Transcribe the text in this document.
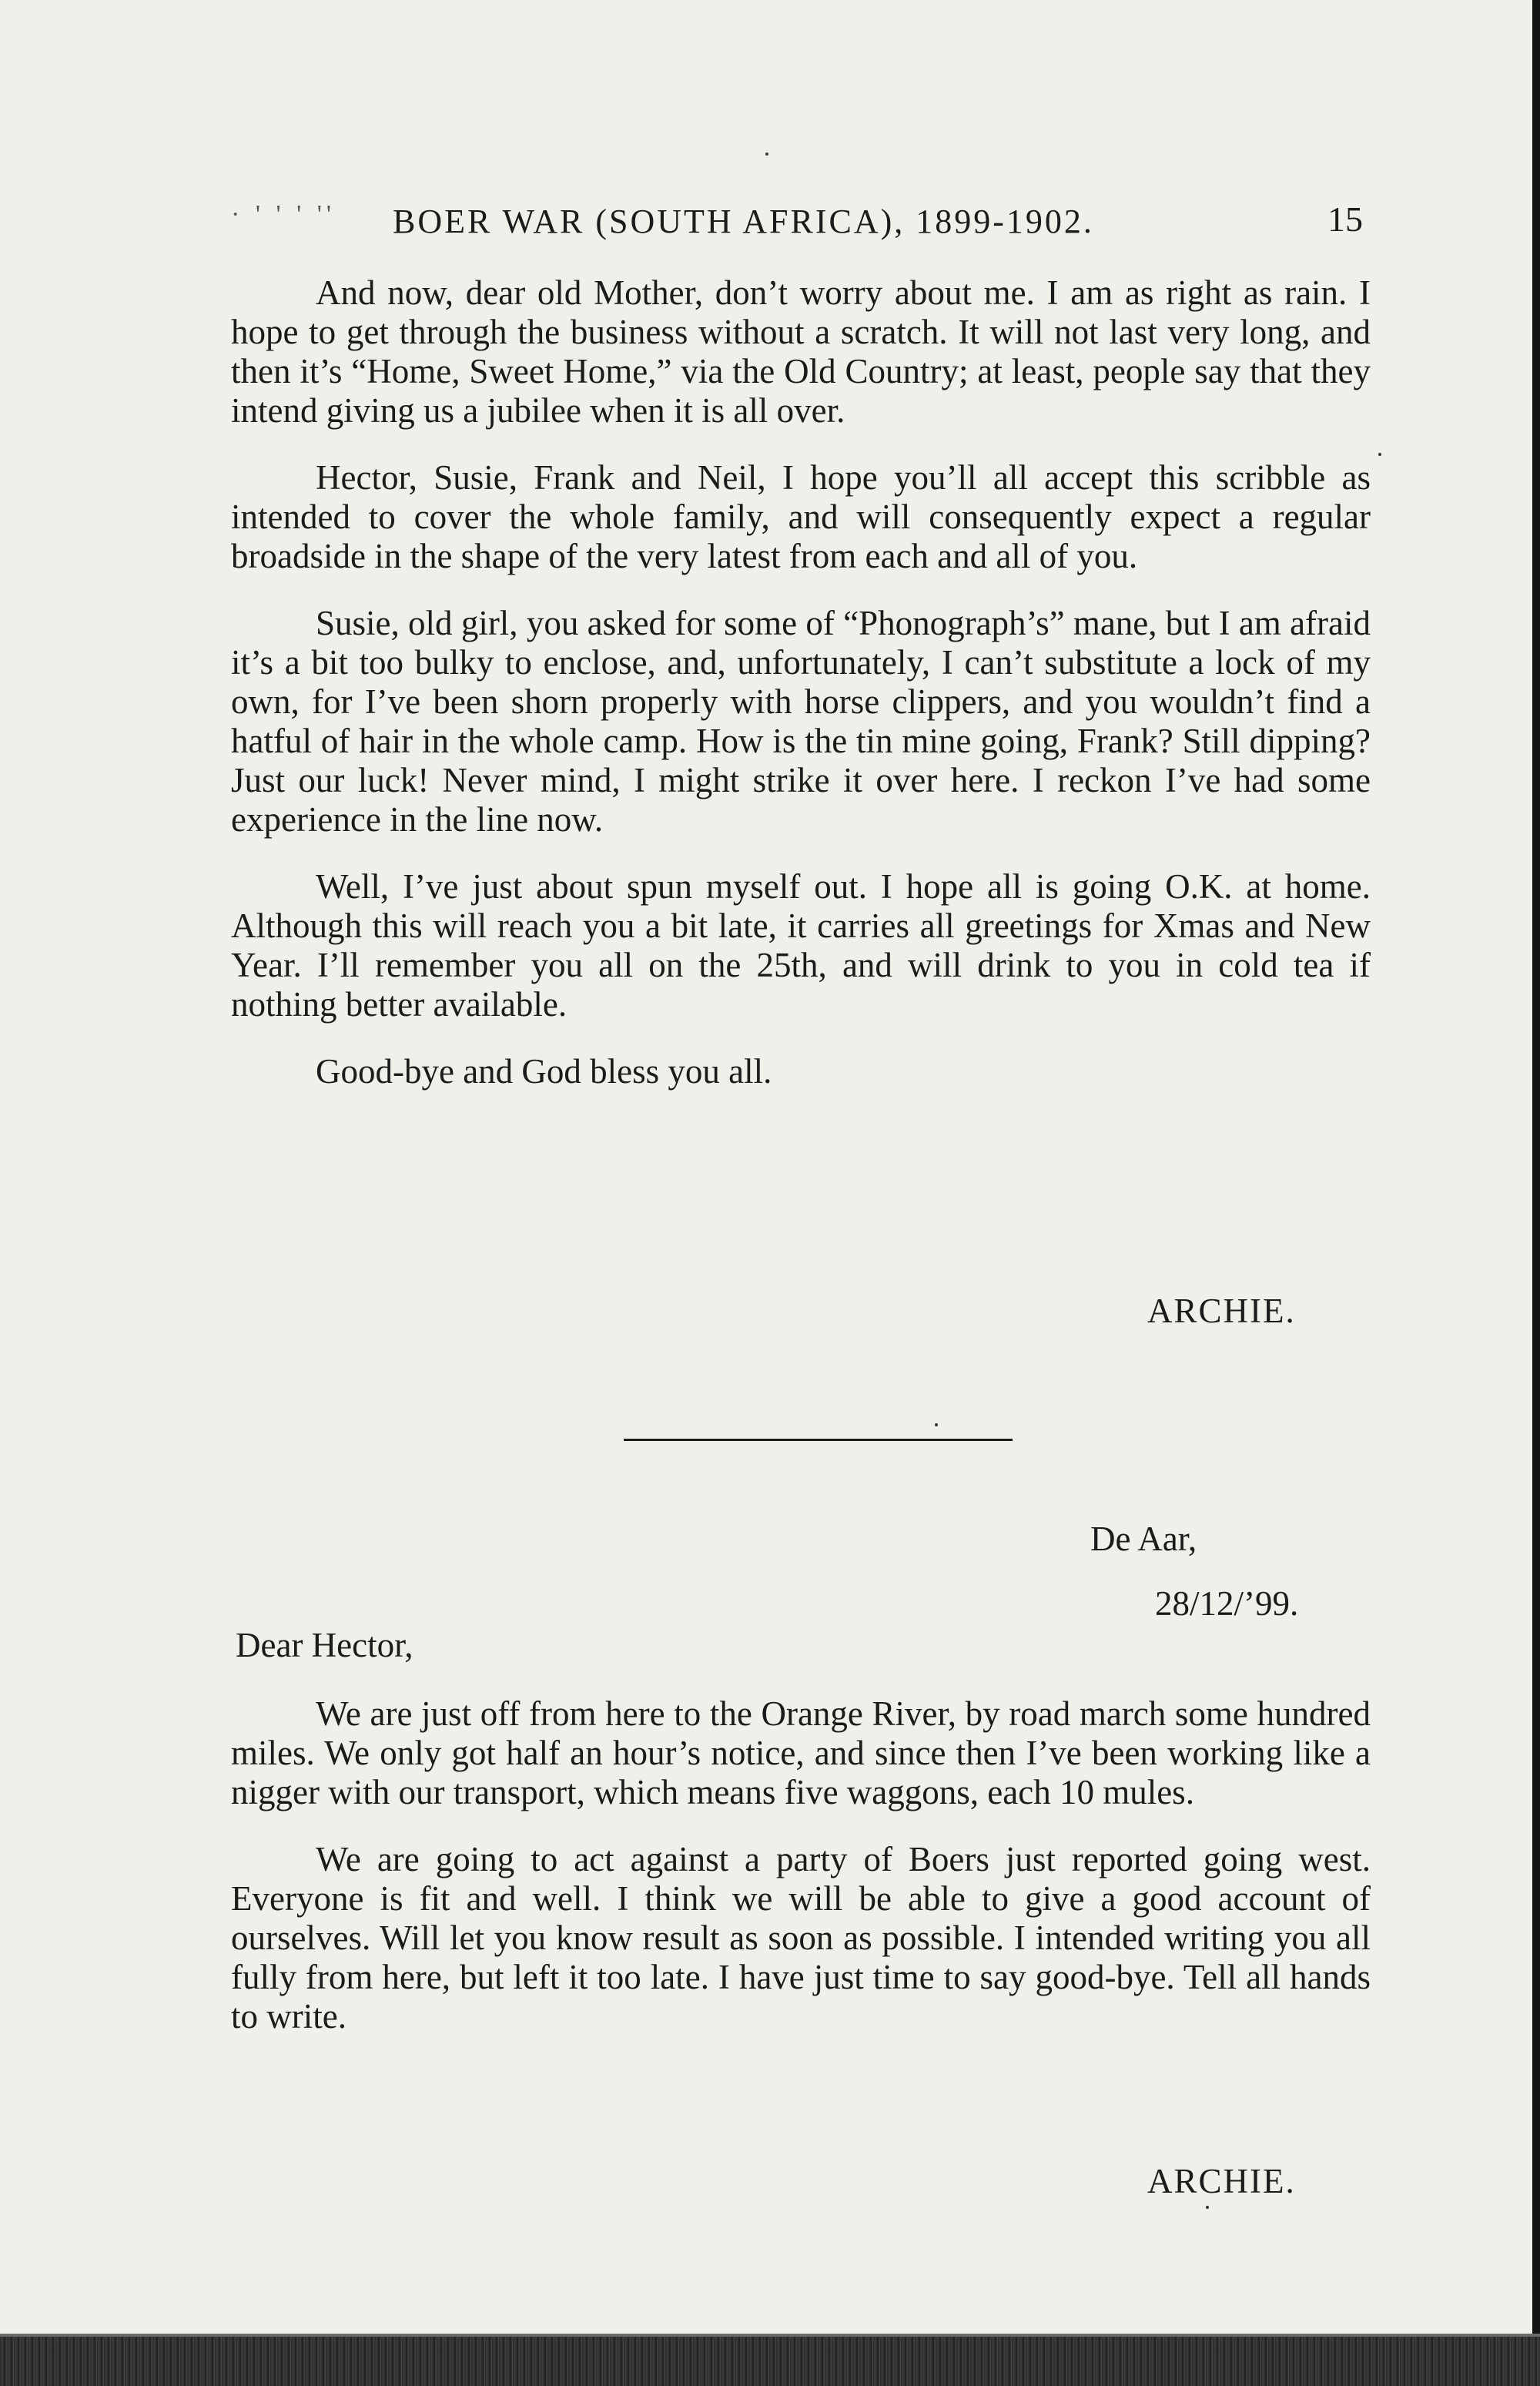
· ' ' ' '' BOER WAR (SOUTH AFRICA), 1899-1902.	15

And now, dear old Mother, don’t worry about me. I am as right as rain. I hope to get through the business without a scratch. It will not last very long, and then it’s “Home, Sweet Home,” via the Old Country; at least, people say that they intend giving us a jubilee when it is all over.

Hector, Susie, Frank and Neil, I hope you’ll all accept this scribble as intended to cover the whole family, and will consequently expect a regular broadside in the shape of the very latest from each and all of you.

Susie, old girl, you asked for some of “Phonograph’s” mane, but I am afraid it’s a bit too bulky to enclose, and, unfortunately, I can’t substitute a lock of my own, for I’ve been shorn properly with horse clippers, and you wouldn’t find a hatful of hair in the whole camp. How is the tin mine going, Frank? Still dipping? Just our luck! Never mind, I might strike it over here. I reckon I’ve had some experience in the line now.

Well, I’ve just about spun myself out. I hope all is going O.K. at home. Although this will reach you a bit late, it carries all greetings for Xmas and New Year. I’ll remember you all on the 25th, and will drink to you in cold tea if nothing better available.

Good-bye and God bless you all.

ARCHIE.
De Aar,
28/12/’99.
Dear Hector,

We are just off from here to the Orange River, by road march some hundred miles. We only got half an hour’s notice, and since then I’ve been working like a nigger with our transport, which means five waggons, each 10 mules.

We are going to act against a party of Boers just reported going west. Everyone is fit and well. I think we will be able to give a good account of ourselves. Will let you know result as soon as possible. I intended writing you all fully from here, but left it too late. I have just time to say good-bye. Tell all hands to write.

ARCHIE.
